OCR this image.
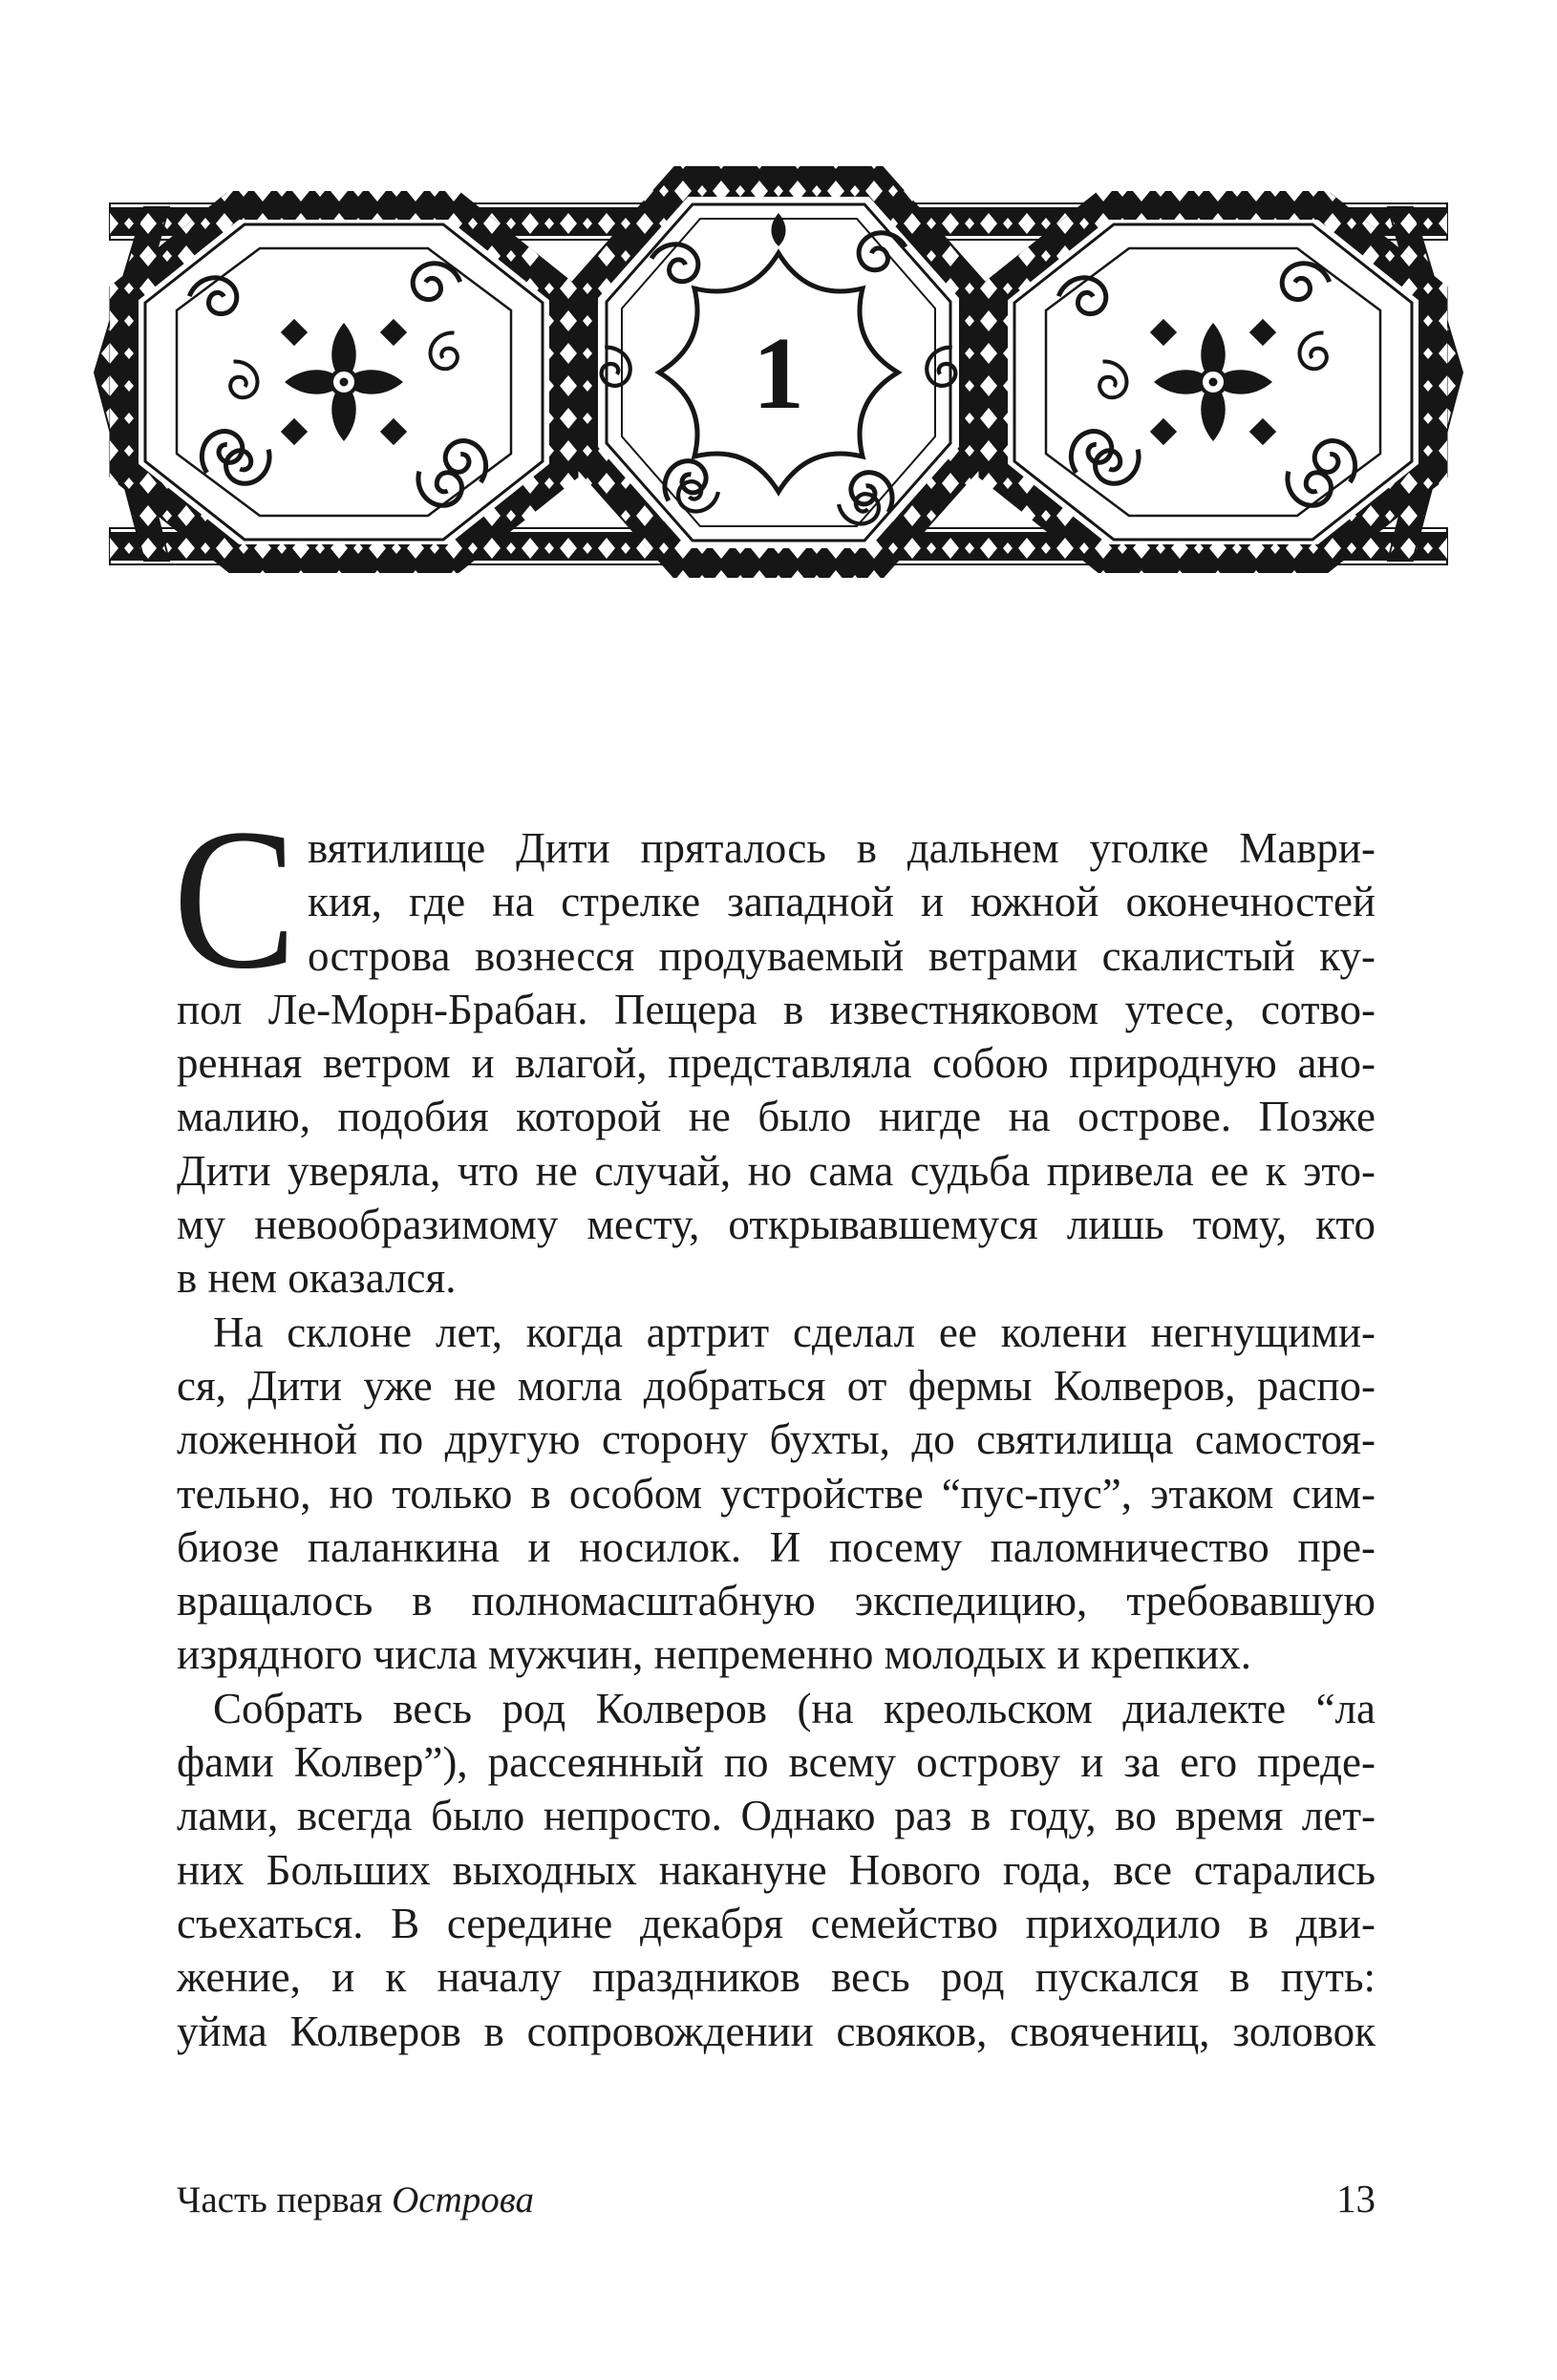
1
С вятилище Дити пряталось в дальнем уголке Маври-
кия, где на стрелке западной и южной оконечностей
острова вознесся продуваемый ветрами скалистый ку-
пол Ле-Морн-Брабан. Пещера в известняковом утесе, сотво-
ренная ветром и влагой, представляла собою природную ано-
малию, подобия которой не было нигде на острове. Позже
Дити уверяла, что не случай, но сама судьба привела ее к это-
му невообразимому месту, открывавшемуся лишь тому, кто
в нем оказался.
На склоне лет, когда артрит сделал ее колени негнущими-
ся, Дити уже не могла добраться от фермы Колверов, распо-
ложенной по другую сторону бухты, до святилища самостоя-
тельно, но только в особом устройстве “пус-пус”, этаком сим-
биозе паланкина и носилок. И посему паломничество пре-
вращалось в полномасштабную экспедицию, требовавшую
изрядного числа мужчин, непременно молодых и крепких.
Собрать весь род Колверов (на креольском диалекте “ла
фами Колвер”), рассеянный по всему острову и за его преде-
лами, всегда было непросто. Однако раз в году, во время лет-
них Больших выходных накануне Нового года, все старались
съехаться. В середине декабря семейство приходило в дви-
жение, и к началу праздников весь род пускался в путь:
уйма Колверов в сопровождении свояков, своячениц, золовок
Часть первая Острова	13
